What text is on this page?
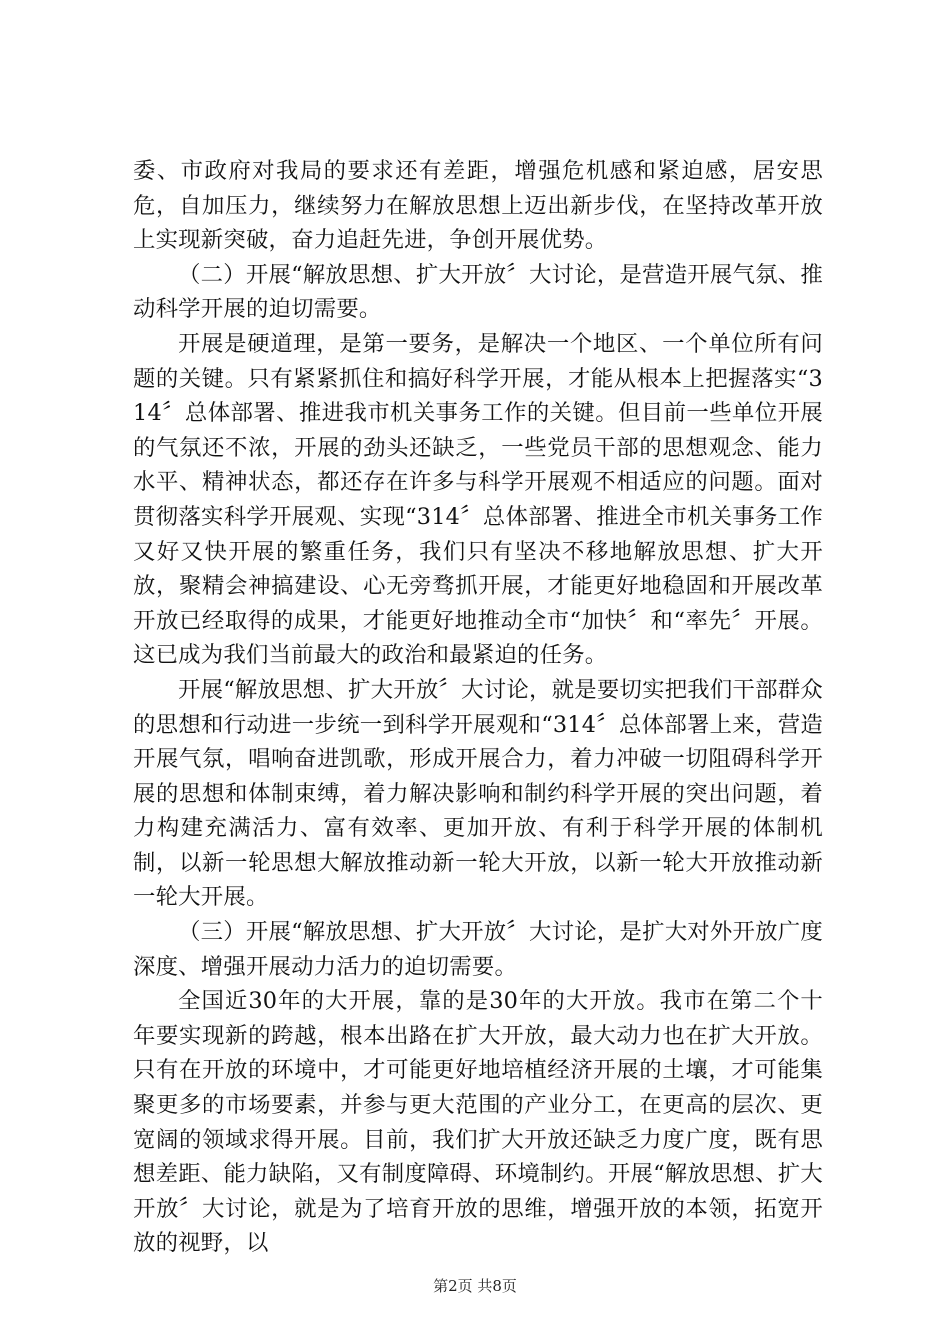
委、市政府对我局的要求还有差距，增强危机感和紧迫感，居安思危，自加压力，继续努力在解放思想上迈出新步伐，在坚持改革开放上实现新突破，奋力追赶先进，争创开展优势。

（二）开展“解放思想、扩大开放〞大讨论，是营造开展气氛、推动科学开展的迫切需要。

开展是硬道理，是第一要务，是解决一个地区、一个单位所有问题的关键。只有紧紧抓住和搞好科学开展，才能从根本上把握落实“314〞总体部署、推进我市机关事务工作的关键。但目前一些单位开展的气氛还不浓，开展的劲头还缺乏，一些党员干部的思想观念、能力水平、精神状态，都还存在许多与科学开展观不相适应的问题。面对贯彻落实科学开展观、实现“314〞总体部署、推进全市机关事务工作又好又快开展的繁重任务，我们只有坚决不移地解放思想、扩大开放，聚精会神搞建设、心无旁骛抓开展，才能更好地稳固和开展改革开放已经取得的成果，才能更好地推动全市“加快〞和“率先〞开展。这已成为我们当前最大的政治和最紧迫的任务。

开展“解放思想、扩大开放〞大讨论，就是要切实把我们干部群众的思想和行动进一步统一到科学开展观和“314〞总体部署上来，营造开展气氛，唱响奋进凯歌，形成开展合力，着力冲破一切阻碍科学开展的思想和体制束缚，着力解决影响和制约科学开展的突出问题，着力构建充满活力、富有效率、更加开放、有利于科学开展的体制机制，以新一轮思想大解放推动新一轮大开放，以新一轮大开放推动新一轮大开展。

（三）开展“解放思想、扩大开放〞大讨论，是扩大对外开放广度深度、增强开展动力活力的迫切需要。

全国近30年的大开展，靠的是30年的大开放。我市在第二个十年要实现新的跨越，根本出路在扩大开放，最大动力也在扩大开放。只有在开放的环境中，才可能更好地培植经济开展的土壤，才可能集聚更多的市场要素，并参与更大范围的产业分工，在更高的层次、更宽阔的领域求得开展。目前，我们扩大开放还缺乏力度广度，既有思想差距、能力缺陷，又有制度障碍、环境制约。开展“解放思想、扩大开放〞大讨论，就是为了培育开放的思维，增强开放的本领，拓宽开放的视野，以

第2页 共8页
